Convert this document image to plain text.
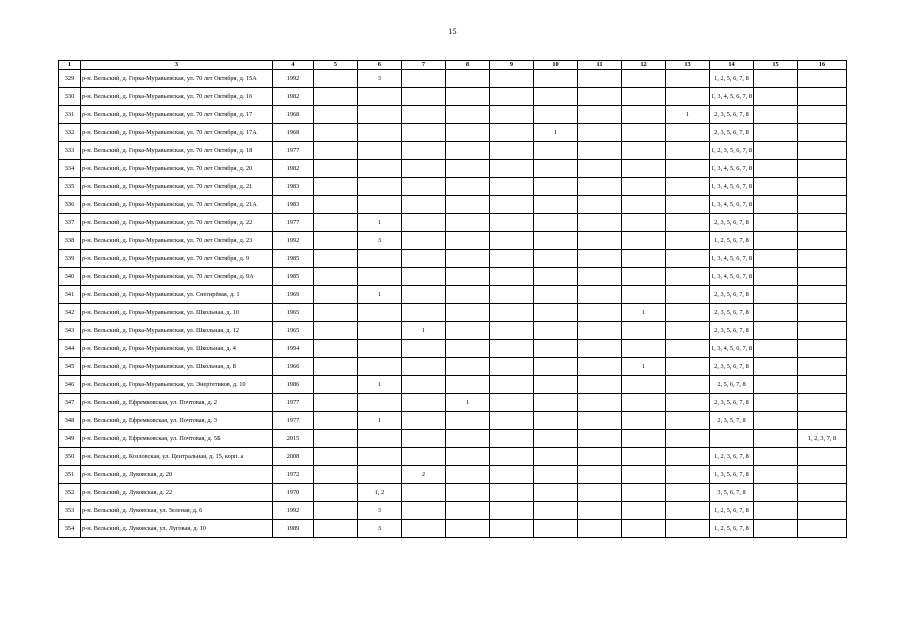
15
1	3	4	5	6	7	8	9	10	11	12	13	14	15	16
329	р-н. Вельский, д. Горка-Муравьевская, ул. 70 лет Октября, д. 15А	1992		3								1, 2, 5, 6, 7, 8		
330	р-н. Вельский, д. Горка-Муравьевская, ул. 70 лет Октября, д. 16	1982										1, 3, 4, 5, 6, 7, 8		
331	р-н. Вельский, д. Горка-Муравьевская, ул. 70 лет Октября, д. 17	1968									1	2, 3, 5, 6, 7, 8		
332	р-н. Вельский, д. Горка-Муравьевская, ул. 70 лет Октября, д. 17А	1968						1				2, 3, 5, 6, 7, 8		
333	р-н. Вельский, д. Горка-Муравьевская, ул. 70 лет Октября, д. 18	1977										1, 2, 3, 5, 6, 7, 8		
334	р-н. Вельский, д. Горка-Муравьевская, ул. 70 лет Октября, д. 20	1982										1, 3, 4, 5, 6, 7, 8		
335	р-н. Вельский, д. Горка-Муравьевская, ул. 70 лет Октября, д. 21	1983										1, 3, 4, 5, 6, 7, 8		
336	р-н. Вельский, д. Горка-Муравьевская, ул. 70 лет Октября, д. 21А	1983										1, 3, 4, 5, 6, 7, 8		
337	р-н. Вельский, д. Горка-Муравьевская, ул. 70 лет Октября, д. 22	1977		1								2, 3, 5, 6, 7, 8		
338	р-н. Вельский, д. Горка-Муравьевская, ул. 70 лет Октября, д. 23	1992		3								1, 2, 5, 6, 7, 8		
339	р-н. Вельский, д. Горка-Муравьевская, ул. 70 лет Октября, д. 9	1985										1, 3, 4, 5, 6, 7, 8		
340	р-н. Вельский, д. Горка-Муравьевская, ул. 70 лет Октября, д. 9А	1985										1, 3, 4, 5, 6, 7, 8		
341	р-н. Вельский, д. Горка-Муравьевская, ул. Снегирёвая, д. 1	1969		1								2, 3, 5, 6, 7, 8		
342	р-н. Вельский, д. Горка-Муравьевская, ул. Школьная, д. 10	1965								1		2, 3, 5, 6, 7, 8		
343	р-н. Вельский, д. Горка-Муравьевская, ул. Школьная, д. 12	1965			1							2, 3, 5, 6, 7, 8		
344	р-н. Вельский, д. Горка-Муравьевская, ул. Школьная, д. 4	1994										1, 3, 4, 5, 6, 7, 8		
345	р-н. Вельский, д. Горка-Муравьевская, ул. Школьная, д. 8	1966								1		2, 3, 5, 6, 7, 8		
346	р-н. Вельский, д. Горка-Муравьевская, ул. Энергетиков, д. 10	1986		1								2, 5, 6, 7, 8		
347	р-н. Вельский, д. Ефремковская, ул. Почтовая, д. 2	1977				1						2, 3, 5, 6, 7, 8		
348	р-н. Вельский, д. Ефремковская, ул. Почтовая, д. 3	1977		1								2, 3, 5, 7, 8		
349	р-н. Вельский, д. Ефремковская, ул. Почтовая, д. 5Б	2015												1, 2, 3, 7, 8
350	р-н. Вельский, д. Козловская, ул. Центральная, д. 15, корп. а	2008										1, 2, 3, 6, 7, 8		
351	р-н. Вельский, д. Луковская, д. 20	1972			2							1, 3, 5, 6, 7, 8		
352	р-н. Вельский, д. Луковская, д. 22	1970		1, 2								3, 5, 6, 7, 8		
353	р-н. Вельский, д. Луковская, ул. Зеленая, д. 6	1992		3								1, 2, 5, 6, 7, 8		
354	р-н. Вельский, д. Луковская, ул. Луговая, д. 10	1989		3								1, 2, 5, 6, 7, 8		
